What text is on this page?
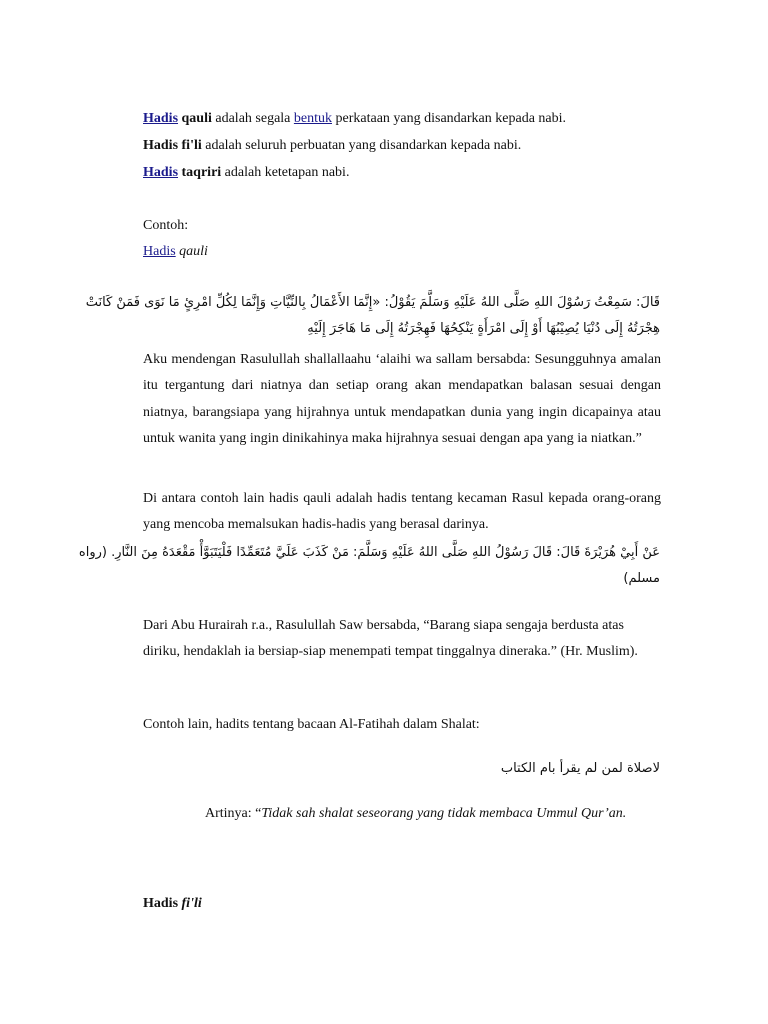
Hadis qauli adalah segala bentuk perkataan yang disandarkan kepada nabi.
Hadis fi'li adalah seluruh perbuatan yang disandarkan kepada nabi.
Hadis taqriri adalah ketetapan nabi.
Contoh:
Hadis qauli
قَالَ: سَمِعْتُ رَسُوْلَ اللهِ صَلَّى اللهُ عَلَيْهِ وَسَلَّمَ يَقُوْلُ: «إِنَّمَا الأَعْمَالُ بِالنِّيَّاتِ وَإِنَّمَا لِكُلِّ امْرِئٍ مَا نَوَى فَمَنْ كَانَتْ
هِجْرَتُهُ إِلَى دُنْيَا يُصِيْبُهَا أَوْ إِلَى امْرَأَةٍ يَنْكِحُهَا فَهِجْرَتُهُ إِلَى مَا هَاجَرَ إِلَيْهِ
Aku mendengan Rasulullah shallallaahu ‘alaihi wa sallam bersabda: Sesungguhnya amalan itu tergantung dari niatnya dan setiap orang akan mendapatkan balasan sesuai dengan niatnya, barangsiapa yang hijrahnya untuk mendapatkan dunia yang ingin dicapainya atau untuk wanita yang ingin dinikahinya maka hijrahnya sesuai dengan apa yang ia niatkan.”
Di antara contoh lain hadis qauli adalah hadis tentang kecaman Rasul kepada orang-orang yang mencoba memalsukan hadis-hadis yang berasal darinya.
عَنْ أَبِيْ هُرَيْرَةَ قَالَ: قَالَ رَسُوْلُ اللهِ صَلَّى اللهُ عَلَيْهِ وَسَلَّمَ: مَنْ كَذَبَ عَلَيَّ مُتَعَمِّدًا فَلْيَتَبَوَّأْ مَقْعَدَهُ مِنَ النَّارِ. (رواه
مسلم)
Dari Abu Hurairah r.a., Rasulullah Saw bersabda, “Barang siapa sengaja berdusta atas diriku, hendaklah ia bersiap-siap menempati tempat tinggalnya dineraka.” (Hr. Muslim).
Contoh lain, hadits tentang bacaan Al-Fatihah dalam Shalat:
لاصلاة لمن لم يقرأ بام الكتاب
Artinya: “Tidak sah shalat seseorang yang tidak membaca Ummul Qur’an.
Hadis fi'li
